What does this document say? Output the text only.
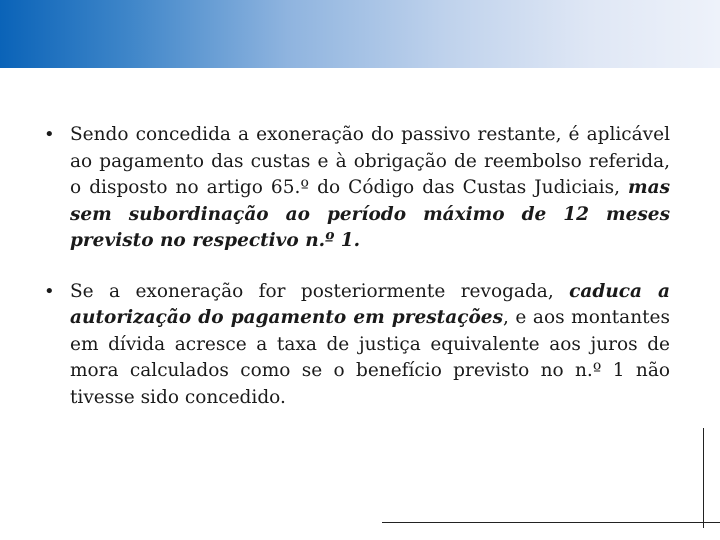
• Sendo concedida a exoneração do passivo restante, é aplicável ao pagamento das custas e à obrigação de reembolso referida, o disposto no artigo 65.º do Código das Custas Judiciais, mas sem subordinação ao período máximo de 12 meses previsto no respectivo n.º 1.

• Se a exoneração for posteriormente revogada, caduca a autorização do pagamento em prestações, e aos montantes em dívida acresce a taxa de justiça equivalente aos juros de mora calculados como se o benefício previsto no n.º 1 não tivesse sido concedido.
